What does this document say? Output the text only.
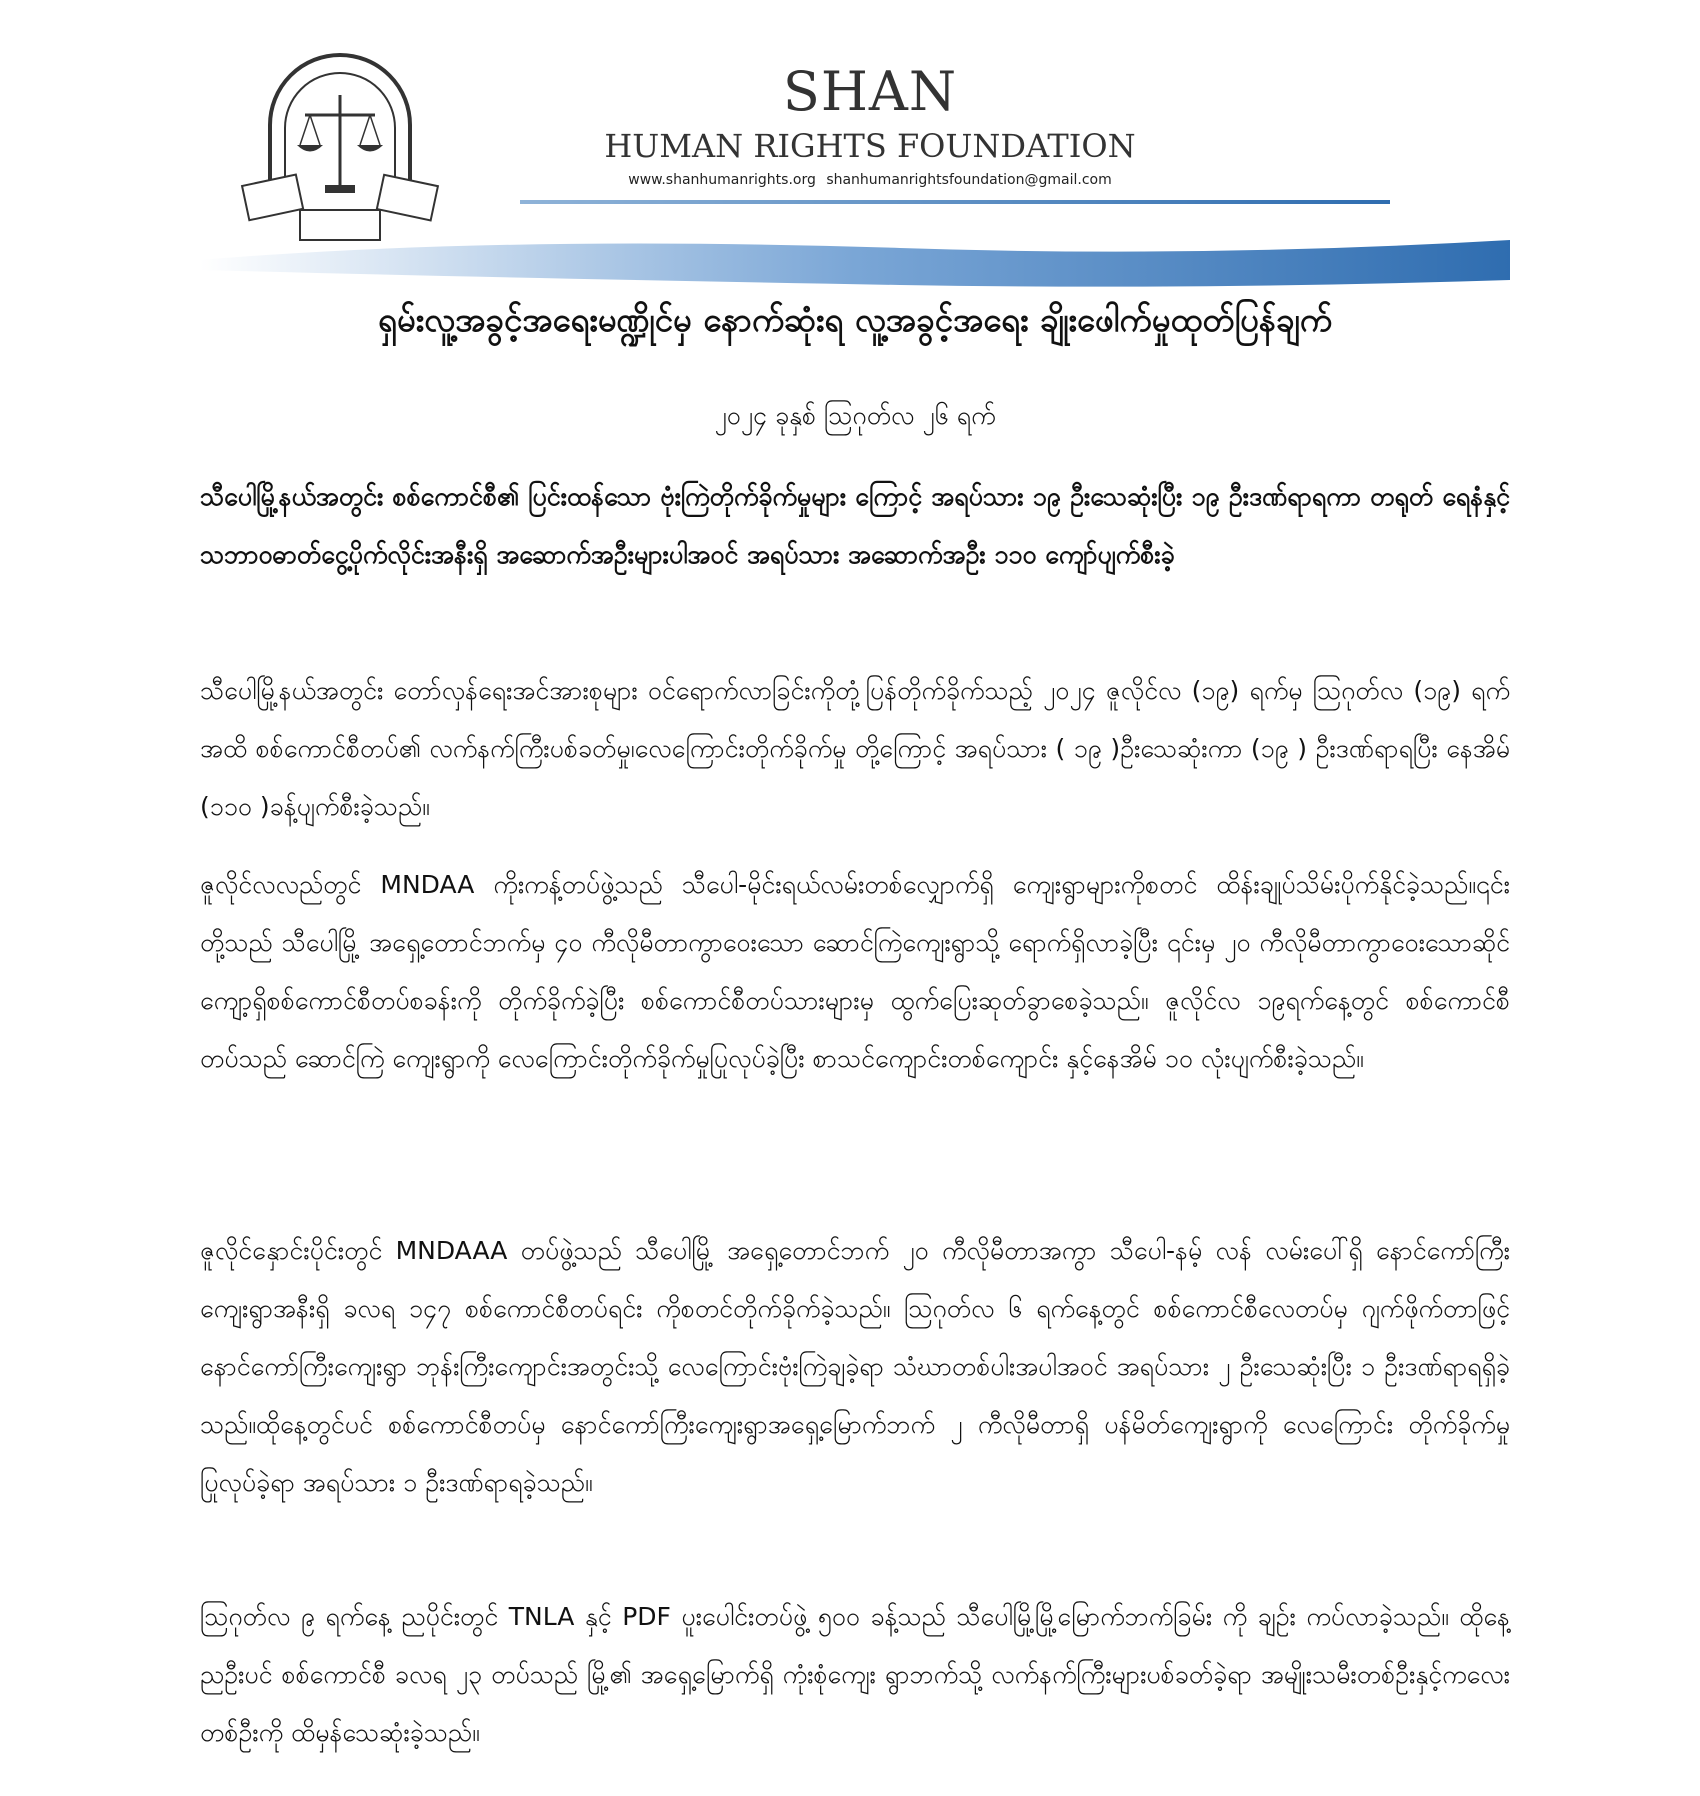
SHAN
HUMAN RIGHTS FOUNDATION
www.shanhumanrights.org shanhumanrightsfoundation@gmail.com
ရှမ်းလူ့အခွင့်အရေးမဏ္ဍိုင်မှ နောက်ဆုံးရ လူ့အခွင့်အရေး ချိုးဖေါက်မှုထုတ်ပြန်ချက်
၂၀၂၄ ခုနှစ် ဩဂုတ်လ ၂၆ ရက်
သီပေါမြို့နယ်အတွင်း စစ်ကောင်စီ၏ ပြင်းထန်သော ဗုံးကြဲတိုက်ခိုက်မှုများ ကြောင့် အရပ်သား ၁၉ ဦးသေဆုံးပြီး ၁၉ ဦးဒဏ်ရာရကာ တရုတ် ရေနံနှင့်သဘာဝဓာတ်ငွေ့ပိုက်လိုင်းအနီးရှိ အဆောက်အဦးများပါအဝင် အရပ်သား အဆောက်အဦး ၁၁၀ ကျော်ပျက်စီးခဲ့
သီပေါမြို့နယ်အတွင်း တော်လှန်ရေးအင်အားစုများ ဝင်ရောက်လာခြင်းကိုတုံ့ပြန်တိုက်ခိုက်သည့် ၂၀၂၄ ဇူလိုင်လ (၁၉) ရက်မှ ဩဂုတ်လ (၁၉) ရက်အထိ စစ်ကောင်စီတပ်၏ လက်နက်ကြီးပစ်ခတ်မှု၊လေကြောင်းတိုက်ခိုက်မှု တို့ကြောင့် အရပ်သား ( ၁၉ )ဦးသေဆုံးကာ (၁၉ ) ဦးဒဏ်ရာရပြီး နေအိမ် (၁၁၀ )ခန့်ပျက်စီးခဲ့သည်။
ဇူလိုင်လလည်တွင် MNDAA ကိုးကန့်တပ်ဖွဲ့သည် သီပေါ-မိုင်းရယ်လမ်းတစ်လျှောက်ရှိ ကျေးရွာများကိုစတင် ထိန်းချုပ်သိမ်းပိုက်နိုင်ခဲ့သည်။၎င်းတို့သည် သီပေါမြို့ အရှေ့တောင်ဘက်မှ ၄၀ ကီလိုမီတာကွာဝေးသော ဆောင်ကြဲကျေးရွာသို့ ရောက်ရှိလာခဲ့ပြီး ၎င်းမှ ၂၀ ကီလိုမီတာကွာဝေးသောဆိုင်ကျော့ရှိစစ်ကောင်စီတပ်စခန်းကို တိုက်ခိုက်ခဲ့ပြီး စစ်ကောင်စီတပ်သားများမှ ထွက်ပြေးဆုတ်ခွာစေခဲ့သည်။ ဇူလိုင်လ ၁၉ရက်နေ့တွင် စစ်ကောင်စီတပ်သည် ဆောင်ကြဲ ကျေးရွာကို လေကြောင်းတိုက်ခိုက်မှုပြုလုပ်ခဲ့ပြီး စာသင်ကျောင်းတစ်ကျောင်း နှင့်နေအိမ် ၁၀ လုံးပျက်စီးခဲ့သည်။
ဇူလိုင်နှောင်းပိုင်းတွင် MNDAAA တပ်ဖွဲ့သည် သီပေါမြို့ အရှေ့တောင်ဘက် ၂၀ ကီလိုမီတာအကွာ သီပေါ-နမ့် လန် လမ်းပေါ်ရှိ နောင်ကော်ကြီးကျေးရွာအနီးရှိ ခလရ ၁၄၇ စစ်ကောင်စီတပ်ရင်း ကိုစတင်တိုက်ခိုက်ခဲ့သည်။ ဩဂုတ်လ ၆ ရက်နေ့တွင် စစ်ကောင်စီလေတပ်မှ ဂျက်ဖိုက်တာဖြင့် နောင်ကော်ကြီးကျေးရွာ ဘုန်းကြီးကျောင်းအတွင်းသို့ လေကြောင်းဗုံးကြဲချခဲ့ရာ သံဃာတစ်ပါးအပါအဝင် အရပ်သား ၂ ဦးသေဆုံးပြီး ၁ ဦးဒဏ်ရာရရှိခဲ့သည်။ထိုနေ့တွင်ပင် စစ်ကောင်စီတပ်မှ နောင်ကော်ကြီးကျေးရွာအရှေ့မြောက်ဘက် ၂ ကီလိုမီတာရှိ ပန်မိတ်ကျေးရွာကို လေကြောင်း တိုက်ခိုက်မှုပြုလုပ်ခဲ့ရာ အရပ်သား ၁ ဦးဒဏ်ရာရခဲ့သည်။
ဩဂုတ်လ ၉ ရက်နေ့ ညပိုင်းတွင် TNLA နှင့် PDF ပူးပေါင်းတပ်ဖွဲ့ ၅၀၀ ခန့်သည် သီပေါမြို့မြို့မြောက်ဘက်ခြမ်း ကို ချဉ်း ကပ်လာခဲ့သည်။ ထိုနေ့ညဦးပင် စစ်ကောင်စီ ခလရ ၂၃ တပ်သည် မြို့၏ အရှေ့မြောက်ရှိ ကုံးစုံကျေး ရွာဘက်သို့ လက်နက်ကြီးများပစ်ခတ်ခဲ့ရာ အမျိုးသမီးတစ်ဦးနှင့်ကလေးတစ်ဦးကို ထိမှန်သေဆုံးခဲ့သည်။
